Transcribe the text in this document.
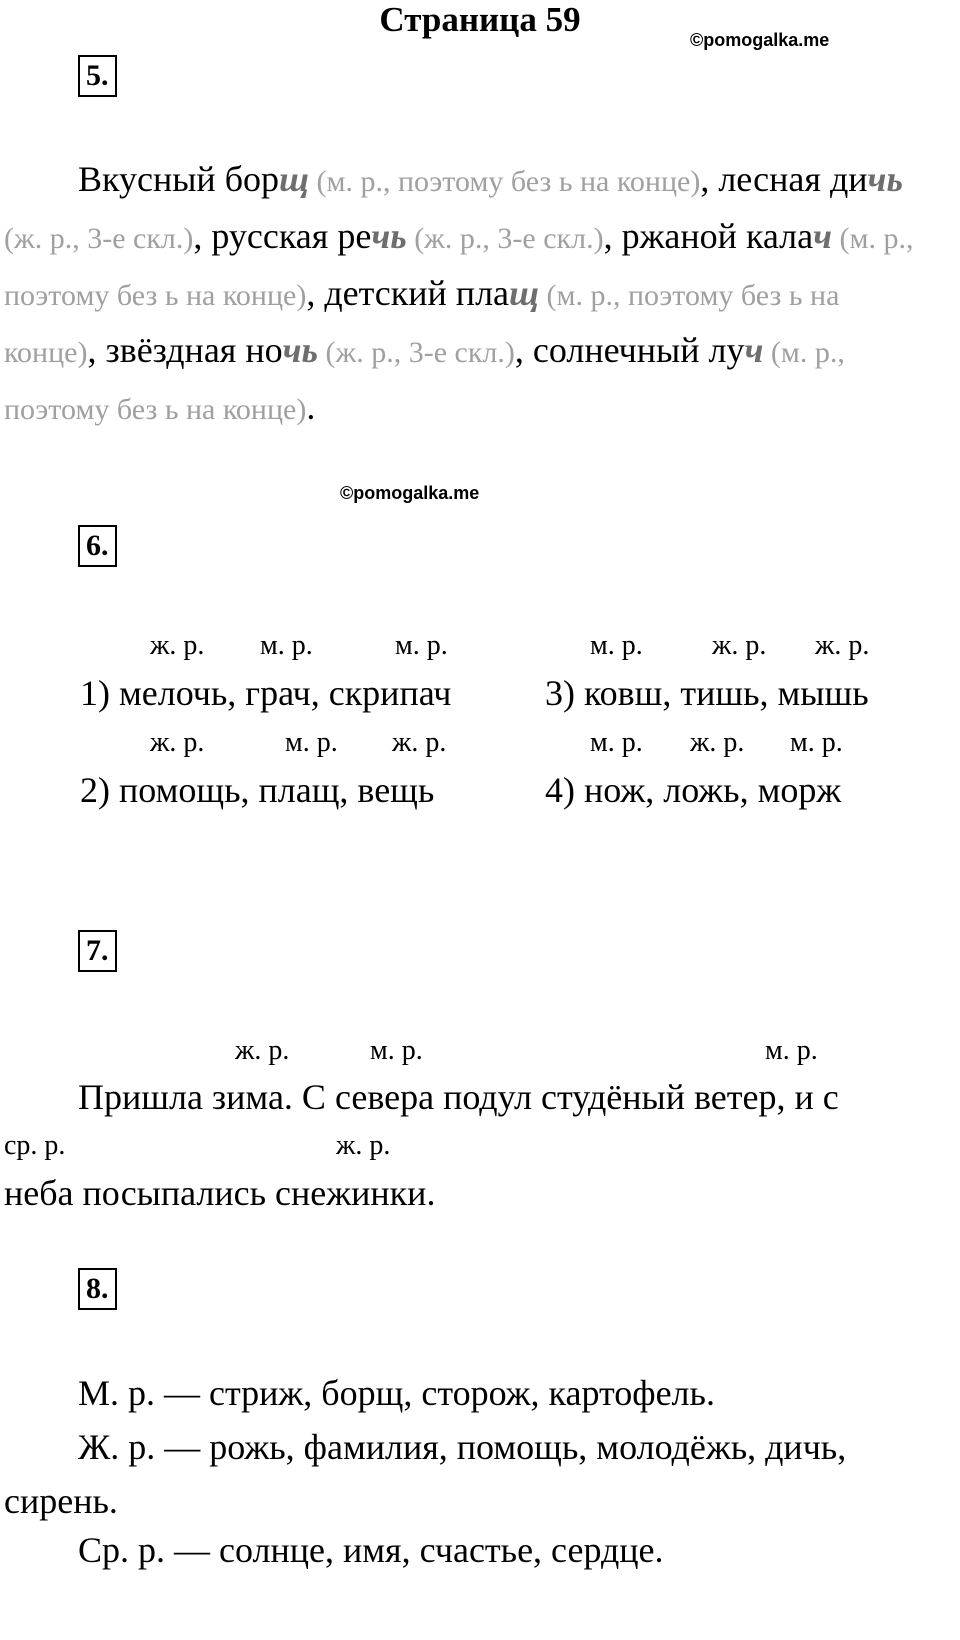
Страница 59
©pomogalka.me
5.
Вкусный борщ (м. р., поэтому без ь на конце), лесная дичь (ж. р., 3-е скл.), русская речь (ж. р., 3-е скл.), ржаной калач (м. р., поэтому без ь на конце), детский плащ (м. р., поэтому без ь на конце), звёздная ночь (ж. р., 3-е скл.), солнечный луч (м. р., поэтому без ь на конце).
©pomogalka.me
6.
ж. р. м. р.	м. р.
1) мелочь, грач, скрипач
м. р. ж. р. ж. р.
3) ковш, тишь, мышь
ж. р.	м. р. ж. р.
2) помощь, плащ, вещь
м. р. ж. р. м. р.
4) нож, ложь, морж
7.
ж. р.	м. р.	м. р.
Пришла зима. С севера подул студёный ветер, и с
ср. р.	ж. р.
неба посыпались снежинки.
8.
М. р. — стриж, борщ, сторож, картофель.
Ж. р. — рожь, фамилия, помощь, молодёжь, дичь, сирень.
Ср. р. — солнце, имя, счастье, сердце.
